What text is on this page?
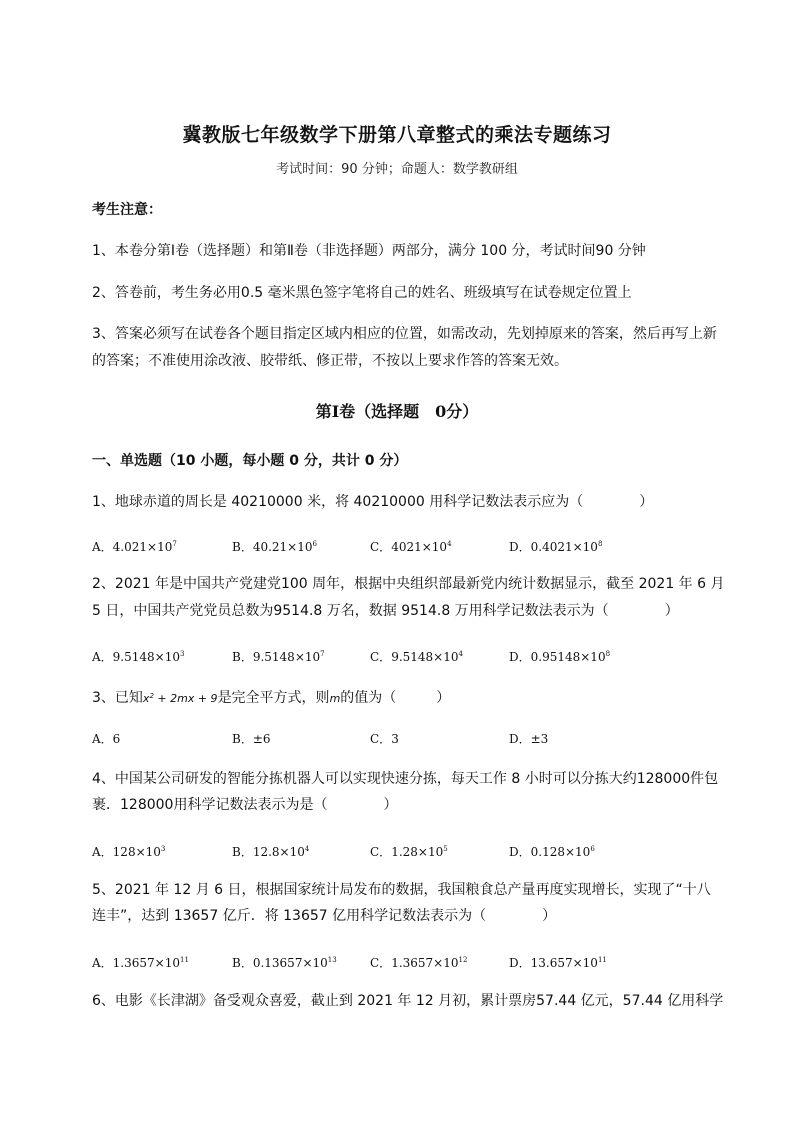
冀教版七年级数学下册第八章整式的乘法专题练习
考试时间：90 分钟；命题人：数学教研组
考生注意：
1、本卷分第Ⅰ卷（选择题）和第Ⅱ卷（非选择题）两部分，满分 100 分，考试时间90 分钟
2、答卷前，考生务必用0.5 毫米黑色签字笔将自己的姓名、班级填写在试卷规定位置上
3、答案必须写在试卷各个题目指定区域内相应的位置，如需改动，先划掉原来的答案，然后再写上新
的答案；不准使用涂改液、胶带纸、修正带，不按以上要求作答的答案无效。
第Ⅰ卷（选择题　0分）
一、单选题（10 小题，每小题 0 分，共计 0 分）
1、地球赤道的周长是 40210000 米，将 40210000 用科学记数法表示应为（	）
A．$4.021\times 10^7$	B．$40.21\times 10^6$	C．$4021\times 10^4$	D．$0.4021\times 10^8$
2、2021 年是中国共产党建党100 周年，根据中央组织部最新党内统计数据显示，截至 2021 年 6 月
5 日，中国共产党党员总数为9514.8 万名，数据 9514.8 万用科学记数法表示为（	）
A．$9.5148\times 10^3$	B．$9.5148\times 10^7$	C．$9.5148\times 10^4$	D．$0.95148\times 10^8$
3、已知$x^2 + 2mx + 9$是完全平方式，则m的值为（	）
A．6	B．±6	C．3	D．±3
4、中国某公司研发的智能分拣机器人可以实现快速分拣，每天工作 8 小时可以分拣大约128000件包
裹．128000用科学记数法表示为是（	）
A．$128\times 10^3$	B．$12.8\times 10^4$	C．$1.28\times 10^5$	D．$0.128\times 10^6$
5、2021 年 12 月 6 日，根据国家统计局发布的数据，我国粮食总产量再度实现增长，实现了“十八
连丰”，达到 13657 亿斤．将 13657 亿用科学记数法表示为（	）
A．$1.3657\times 10^{11}$	B．$0.13657\times 10^{13}$	C．$1.3657\times 10^{12}$	D．$13.657\times 10^{11}$
6、电影《长津湖》备受观众喜爱，截止到 2021 年 12 月初，累计票房57.44 亿元，57.44 亿用科学
